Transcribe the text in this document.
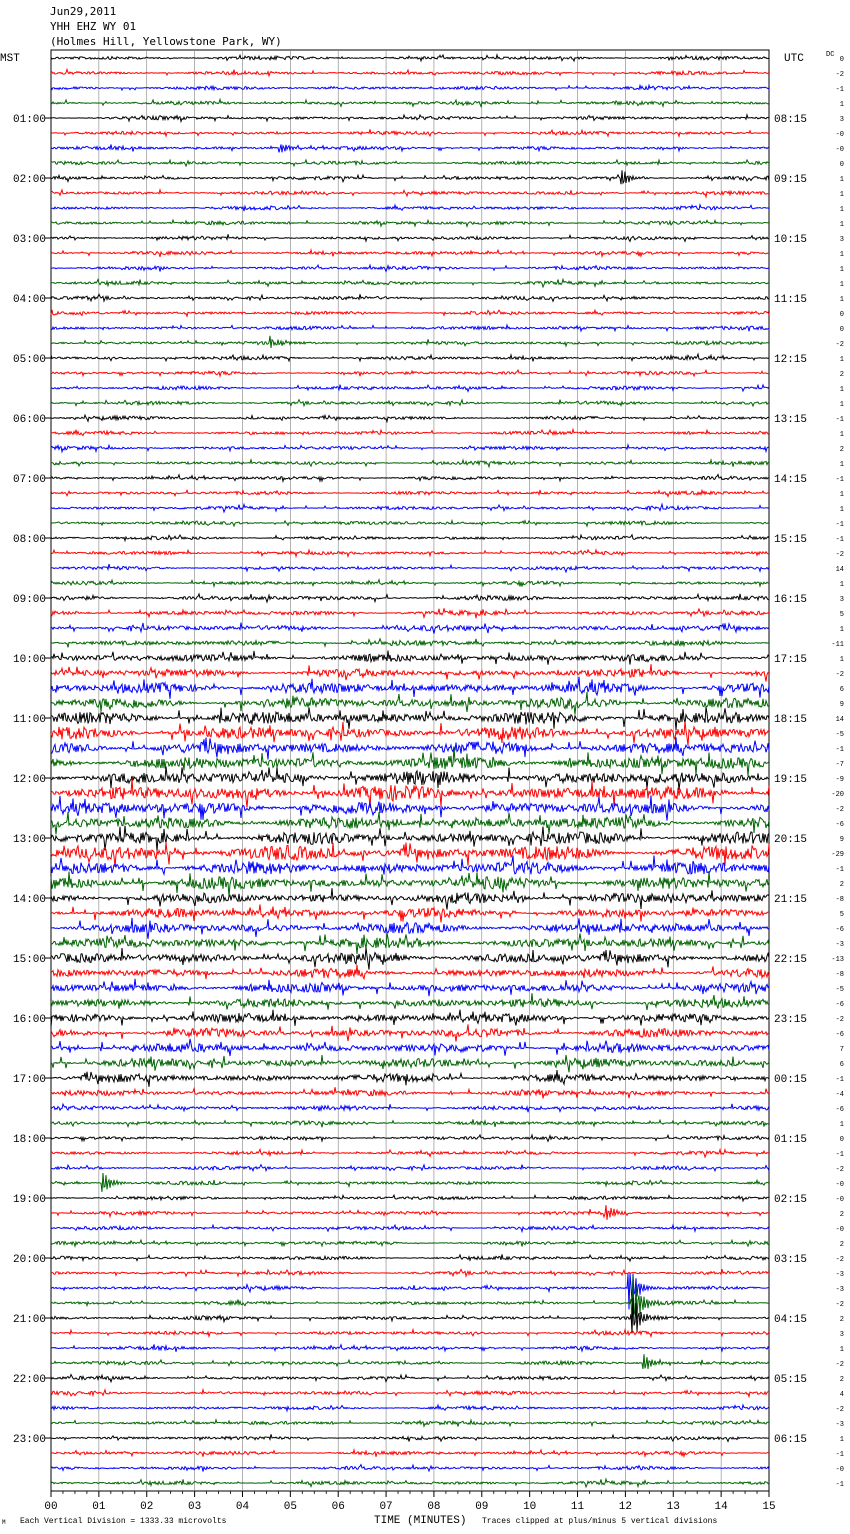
Jun29,2011
YHH EHZ WY 01
(Holmes Hill, Yellowstone Park, WY)
00	01	02	03	04	05	06	07	08	09	10	11	12	13	14	15
0
-2
-1
1
3
-0
-0
0
1
1
1
1
3
1
1
1
1
0
0
-2
1
2
1
1
-1
1
2
1
-1
1
1
-1
-1
-2
14
1
3
5
1
-11
1
-2
6
9
14
-5
-1
-7
-9
-20
-2
-6
9
-29
-1
2
-8
5
-6
-3
-13
-8
-5
-6
-2
-6
7
6
-1
-4
-6
1
0
-1
-2
-0
-0
2
-0
2
-2
-3
-3
-2
2
3
1
-2
2
4
-2
-3
1
-1
-0
-1
01:00
02:00
03:00
04:00
05:00
06:00
07:00
08:00
09:00
10:00
11:00
12:00
13:00
14:00
15:00
16:00
17:00
18:00
19:00
20:00
21:00
22:00
23:00
08:15
09:15
10:15
11:15
12:15
13:15
14:15
15:15
16:15
17:15
18:15
19:15
20:15
21:15
22:15
23:15
00:15
01:15
02:15
03:15
04:15
05:15
06:15
MST	UTC	DC
M Each Vertical Division = 1333.33 microvolts	TIME (MINUTES) Traces clipped at plus/minus 5 vertical divisions
